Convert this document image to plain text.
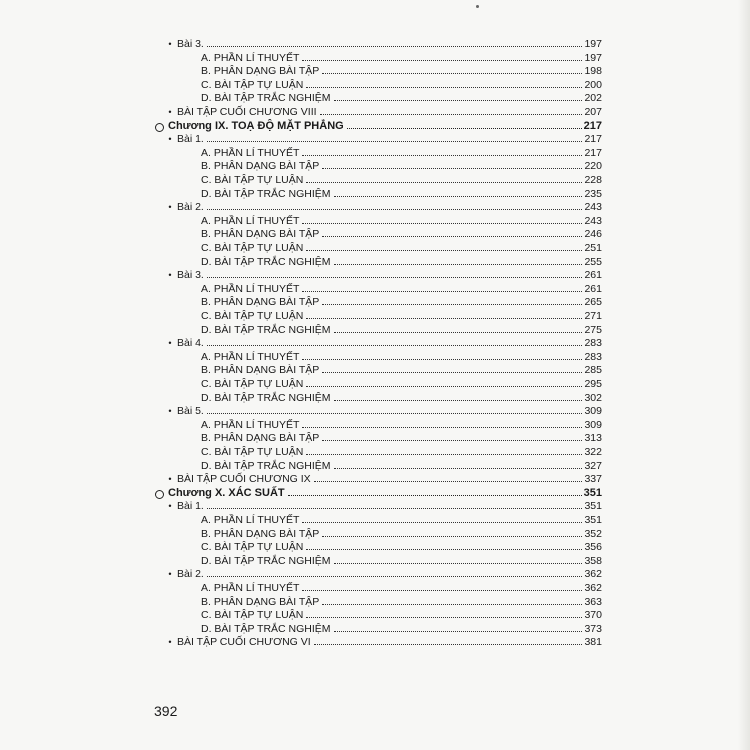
• Bài 3.	197
A. PHẦN LÍ THUYẾT	197
B. PHÂN DẠNG BÀI TẬP	198
C. BÀI TẬP TỰ LUẬN	200
D. BÀI TẬP TRẮC NGHIỆM	202
• BÀI TẬP CUỐI CHƯƠNG VIII	207
Chương IX. TOẠ ĐỘ MẶT PHẲNG	217
• Bài 1.	217
A. PHẦN LÍ THUYẾT	217
B. PHÂN DẠNG BÀI TẬP	220
C. BÀI TẬP TỰ LUẬN	228
D. BÀI TẬP TRẮC NGHIỆM	235
• Bài 2.	243
A. PHẦN LÍ THUYẾT	243
B. PHÂN DẠNG BÀI TẬP	246
C. BÀI TẬP TỰ LUẬN	251
D. BÀI TẬP TRẮC NGHIỆM	255
• Bài 3.	261
A. PHẦN LÍ THUYẾT	261
B. PHÂN DẠNG BÀI TẬP	265
C. BÀI TẬP TỰ LUẬN	271
D. BÀI TẬP TRẮC NGHIỆM	275
• Bài 4.	283
A. PHẦN LÍ THUYẾT	283
B. PHÂN DẠNG BÀI TẬP	285
C. BÀI TẬP TỰ LUẬN	295
D. BÀI TẬP TRẮC NGHIỆM	302
• Bài 5.	309
A. PHẦN LÍ THUYẾT	309
B. PHÂN DẠNG BÀI TẬP	313
C. BÀI TẬP TỰ LUẬN	322
D. BÀI TẬP TRẮC NGHIỆM	327
• BÀI TẬP CUỐI CHƯƠNG IX	337
Chương X. XÁC SUẤT	351
• Bài 1.	351
A. PHẦN LÍ THUYẾT	351
B. PHÂN DẠNG BÀI TẬP	352
C. BÀI TẬP TỰ LUẬN	356
D. BÀI TẬP TRẮC NGHIỆM	358
• Bài 2.	362
A. PHẦN LÍ THUYẾT	362
B. PHÂN DẠNG BÀI TẬP	363
C. BÀI TẬP TỰ LUẬN	370
D. BÀI TẬP TRẮC NGHIỆM	373
• BÀI TẬP CUỐI CHƯƠNG VI	381
392
